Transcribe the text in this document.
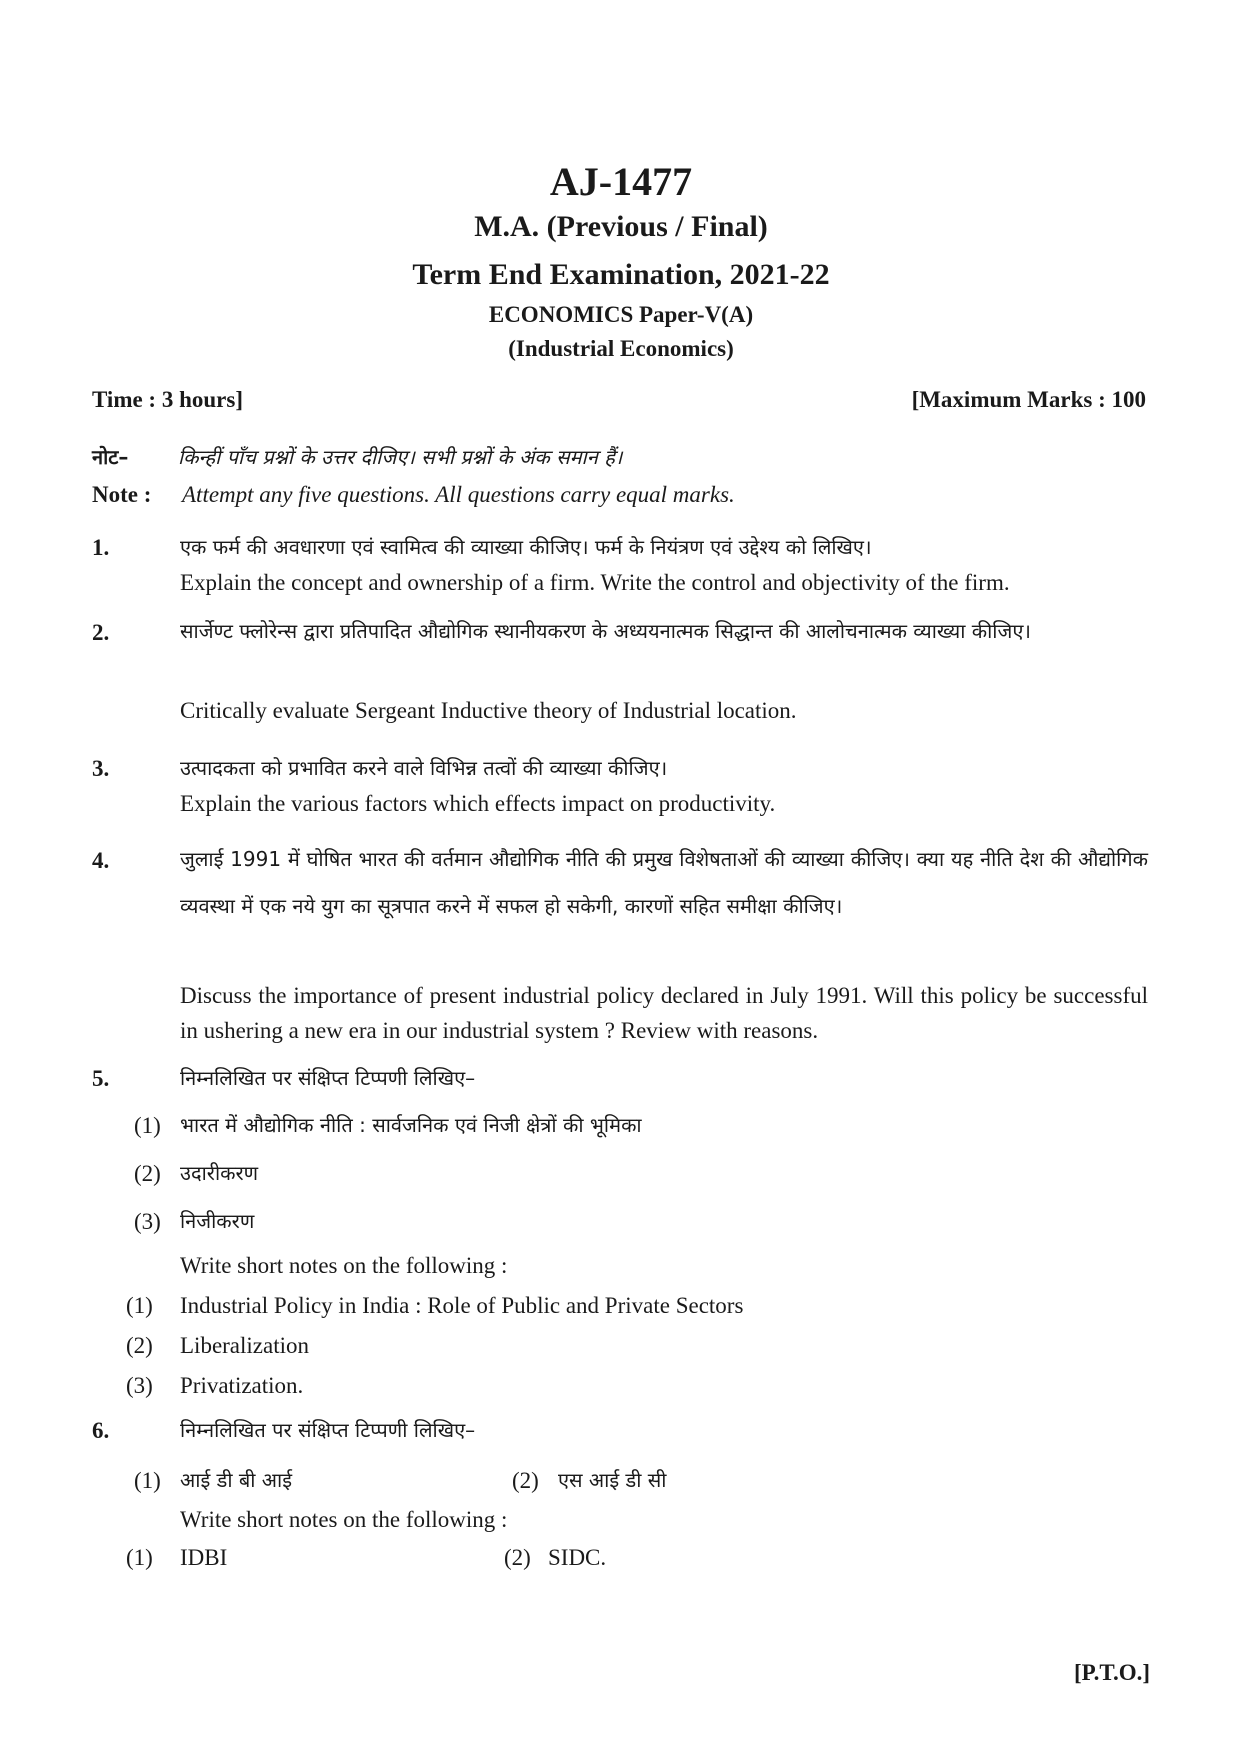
AJ-1477
M.A. (Previous / Final)
Term End Examination, 2021-22
ECONOMICS Paper-V(A)
(Industrial Economics)
Time : 3 hours]	[Maximum Marks : 100
नोट– किन्हीं पाँच प्रश्नों के उत्तर दीजिए। सभी प्रश्नों के अंक समान हैं।
Note : Attempt any five questions. All questions carry equal marks.
1.	एक फर्म की अवधारणा एवं स्वामित्व की व्याख्या कीजिए। फर्म के नियंत्रण एवं उद्देश्य को लिखिए।
Explain the concept and ownership of a firm. Write the control and objectivity of the firm.
2.	सार्जेण्ट फ्लोरेन्स द्वारा प्रतिपादित औद्योगिक स्थानीयकरण के अध्ययनात्मक सिद्धान्त की आलोचनात्मक व्याख्या कीजिए।
Critically evaluate Sergeant Inductive theory of Industrial location.
3.	उत्पादकता को प्रभावित करने वाले विभिन्न तत्वों की व्याख्या कीजिए।
Explain the various factors which effects impact on productivity.
4.	जुलाई 1991 में घोषित भारत की वर्तमान औद्योगिक नीति की प्रमुख विशेषताओं की व्याख्या कीजिए। क्या यह नीति देश की औद्योगिक व्यवस्था में एक नये युग का सूत्रपात करने में सफल हो सकेगी, कारणों सहित समीक्षा कीजिए।
Discuss the importance of present industrial policy declared in July 1991. Will this policy be successful in ushering a new era in our industrial system ? Review with reasons.
5.	निम्नलिखित पर संक्षिप्त टिप्पणी लिखिए–
(1) भारत में औद्योगिक नीति : सार्वजनिक एवं निजी क्षेत्रों की भूमिका
(2) उदारीकरण
(3) निजीकरण
Write short notes on the following :
(1) Industrial Policy in India : Role of Public and Private Sectors
(2) Liberalization
(3) Privatization.
6.	निम्नलिखित पर संक्षिप्त टिप्पणी लिखिए–
(1) आई डी बी आई	(2) एस आई डी सी
Write short notes on the following :
(1) IDBI	(2) SIDC.
[P.T.O.]
